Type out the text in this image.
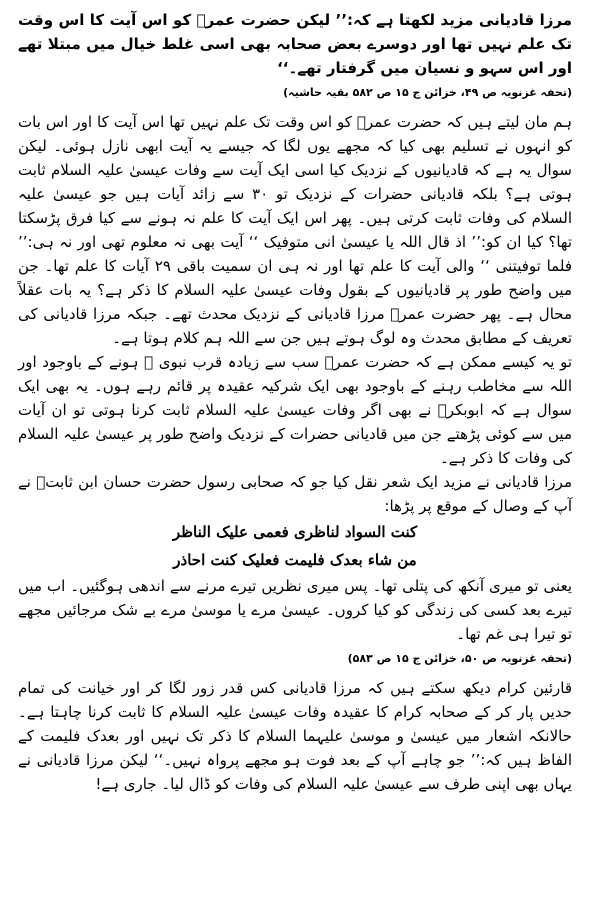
مرزا قادیانی مزید لکھتا ہے کہ:’’ لیکن حضرت عمرؓ کو اس آیت کا اس وقت تک علم نہیں تھا اور دوسرے بعض صحابہ بھی اسی غلط خیال میں مبتلا تھے اور اس سہو و نسیان میں گرفتار تھے۔‘‘

(تحفہ غزنویہ ص ۴۹، خزائن ج ۱۵ ص ۵۸۲ بقیہ حاشیہ)

ہم مان لیتے ہیں کہ حضرت عمرؓ کو اس وقت تک علم نہیں تھا اس آیت کا اور اس بات کو انہوں نے تسلیم بھی کیا کہ مجھے یوں لگا کہ جیسے یہ آیت ابھی نازل ہوئی۔ لیکن سوال یہ ہے کہ قادیانیوں کے نزدیک کیا اسی ایک آیت سے وفات عیسیٰ علیہ السلام ثابت ہوتی ہے؟ بلکہ قادیانی حضرات کے نزدیک تو ۳۰ سے زائد آیات ہیں جو عیسیٰ علیہ السلام کی وفات ثابت کرتی ہیں۔ پھر اس ایک آیت کا علم نہ ہونے سے کیا فرق پڑسکتا تھا؟ کیا ان کو:’’ اذ قال اللہ یا عیسیٰ انی متوفیک ‘‘ آیت بھی نہ معلوم تھی اور نہ ہی:’’ فلما توفیتنی ‘‘ والی آیت کا علم تھا اور نہ ہی ان سمیت باقی ۲۹ آیات کا علم تھا۔ جن میں واضح طور پر قادیانیوں کے بقول وفات عیسیٰ علیہ السلام کا ذکر ہے؟ یہ بات عقلاً محال ہے۔ پھر حضرت عمرؓ مرزا قادیانی کے نزدیک محدث تھے۔ جبکہ مرزا قادیانی کی تعریف کے مطابق محدث وہ لوگ ہوتے ہیں جن سے اللہ ہم کلام ہوتا ہے۔

تو یہ کیسے ممکن ہے کہ حضرت عمرؓ سب سے زیادہ قرب نبوی ﷺ ہونے کے باوجود اور اللہ سے مخاطب رہنے کے باوجود بھی ایک شرکیہ عقیدہ پر قائم رہے ہوں۔ یہ بھی ایک سوال ہے کہ ابوبکرؓ نے بھی اگر وفات عیسیٰ علیہ السلام ثابت کرنا ہوتی تو ان آیات میں سے کوئی پڑھتے جن میں قادیانی حضرات کے نزدیک واضح طور پر عیسیٰ علیہ السلام کی وفات کا ذکر ہے۔

مرزا قادیانی نے مزید ایک شعر نقل کیا جو کہ صحابی رسول حضرت حسان ابن ثابتؓ نے آپ کے وصال کے موقع پر پڑھا:

کنت السواد لناظری فعمی علیک الناظر

من شاء بعدک فلیمت فعلیک کنت احاذر

یعنی تو میری آنکھ کی پتلی تھا۔ پس میری نظریں تیرے مرنے سے اندھی ہوگئیں۔ اب میں تیرے بعد کسی کی زندگی کو کیا کروں۔ عیسیٰ مرے یا موسیٰ مرے بے شک مرجائیں مجھے تو تیرا ہی غم تھا۔

(تحفہ غزنویہ ص ۵۰، خزائن ج ۱۵ ص ۵۸۳)

قارئین کرام دیکھ سکتے ہیں کہ مرزا قادیانی کس قدر زور لگا کر اور خیانت کی تمام حدیں پار کر کے صحابہ کرام کا عقیدہ وفات عیسیٰ علیہ السلام کا ثابت کرنا چاہتا ہے۔ حالانکہ اشعار میں عیسیٰ و موسیٰ علیہما السلام کا ذکر تک نہیں اور بعدک فلیمت کے الفاظ ہیں کہ:’’ جو چاہے آپ کے بعد فوت ہو مجھے پرواہ نہیں۔‘‘ لیکن مرزا قادیانی نے یہاں بھی اپنی طرف سے عیسیٰ علیہ السلام کی وفات کو ڈال لیا۔ جاری ہے!
